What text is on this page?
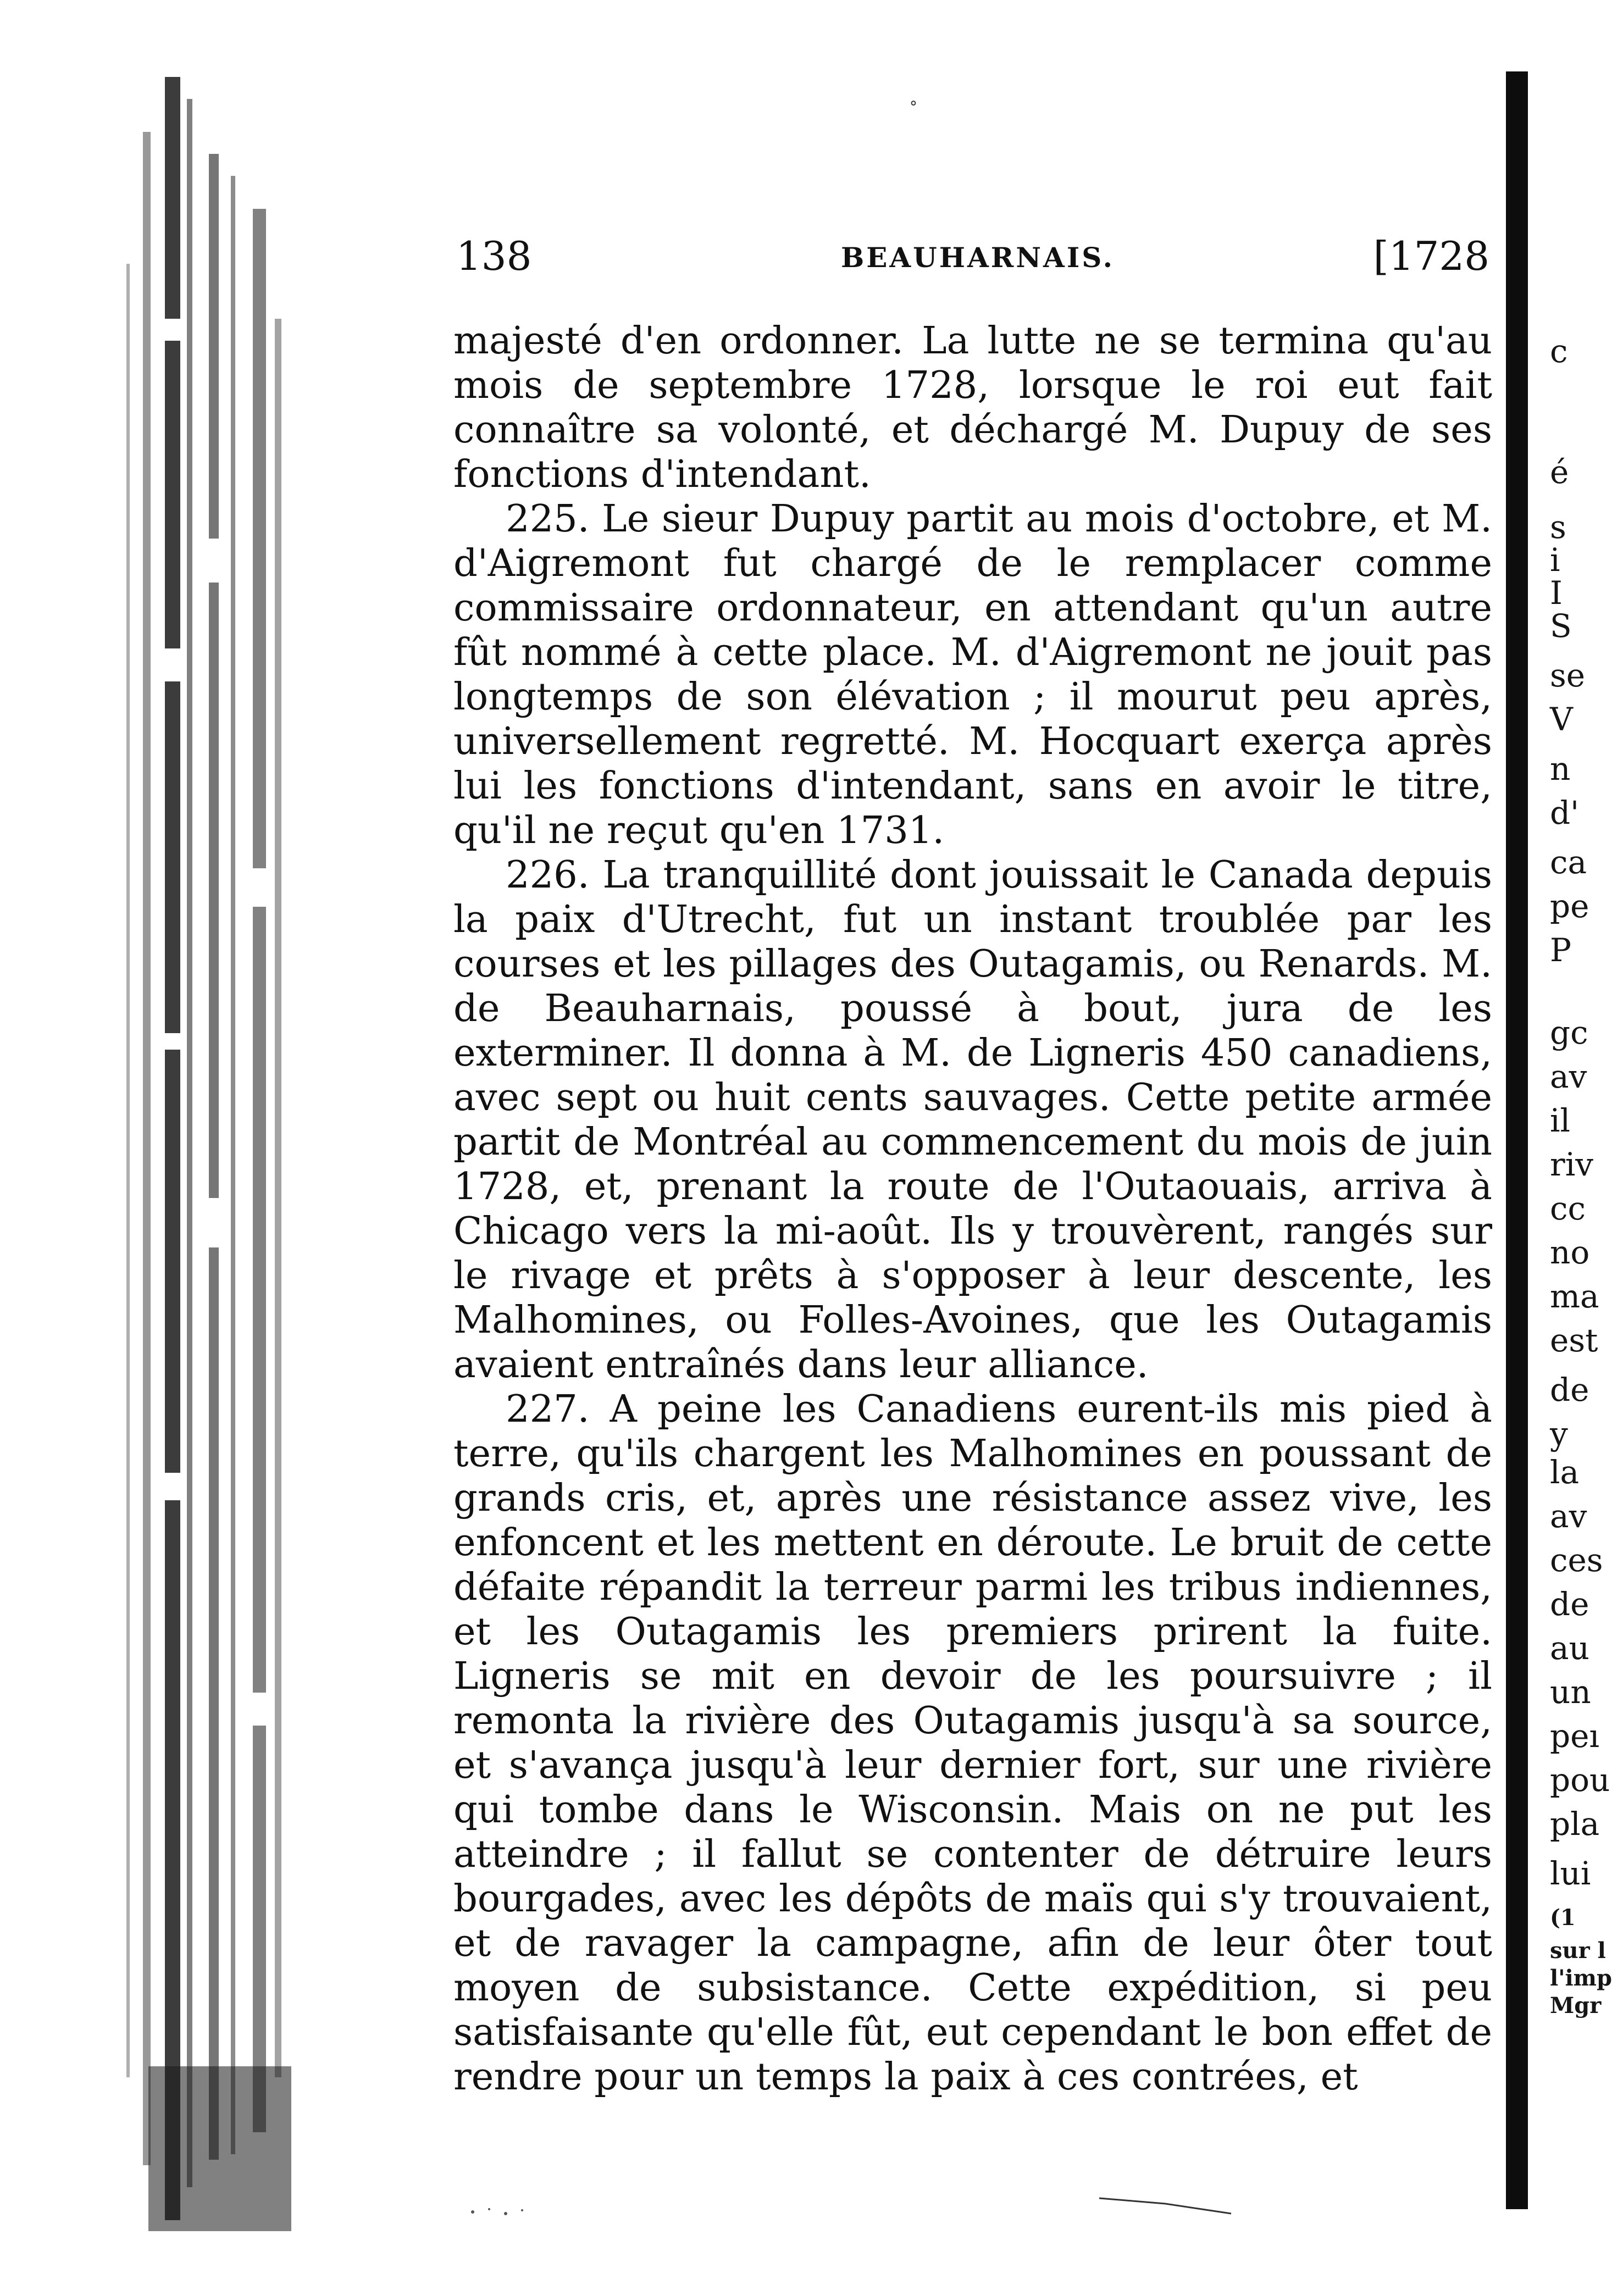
°
138	BEAUHARNAIS.	[1728

majesté d'en ordonner. La lutte ne se termina qu'au mois de septembre 1728, lorsque le roi eut fait connaître sa volonté, et déchargé M. Dupuy de ses fonctions d'intendant.

225. Le sieur Dupuy partit au mois d'octobre, et M. d'Aigremont fut chargé de le remplacer comme commissaire ordonnateur, en attendant qu'un autre fût nommé à cette place. M. d'Aigremont ne jouit pas longtemps de son élévation ; il mourut peu après, universellement regretté. M. Hocquart exerça après lui les fonctions d'intendant, sans en avoir le titre, qu'il ne reçut qu'en 1731.

226. La tranquillité dont jouissait le Canada depuis la paix d'Utrecht, fut un instant troublée par les courses et les pillages des Outagamis, ou Renards. M. de Beauharnais, poussé à bout, jura de les exterminer. Il donna à M. de Ligneris 450 canadiens, avec sept ou huit cents sauvages. Cette petite armée partit de Montréal au commencement du mois de juin 1728, et, prenant la route de l'Outaouais, arriva à Chicago vers la mi-août. Ils y trouvèrent, rangés sur le rivage et prêts à s'opposer à leur descente, les Malhomines, ou Folles-Avoines, que les Outagamis avaient entraînés dans leur alliance.

227. A peine les Canadiens eurent-ils mis pied à terre, qu'ils chargent les Malhomines en poussant de grands cris, et, après une résistance assez vive, les enfoncent et les mettent en déroute. Le bruit de cette défaite répandit la terreur parmi les tribus indiennes, et les Outagamis les premiers prirent la fuite. Ligneris se mit en devoir de les poursuivre ; il remonta la rivière des Outagamis jusqu'à sa source, et s'avança jusqu'à leur dernier fort, sur une rivière qui tombe dans le Wisconsin. Mais on ne put les atteindre ; il fallut se contenter de détruire leurs bourgades, avec les dépôts de maïs qui s'y trouvaient, et de ravager la campagne, afin de leur ôter tout moyen de subsistance. Cette expédition, si peu satisfaisante qu'elle fût, eut cependant le bon effet de rendre pour un temps la paix à ces contrées, et

c
é
s
i
I
S
se
V
n
d'
ca
pe
P
gc
av
il
riv
cc
no
ma
est
de
y
la
av
ces
de
au
un
peı
pou
pla
lui
(1
sur l
l'imp
Mgr
